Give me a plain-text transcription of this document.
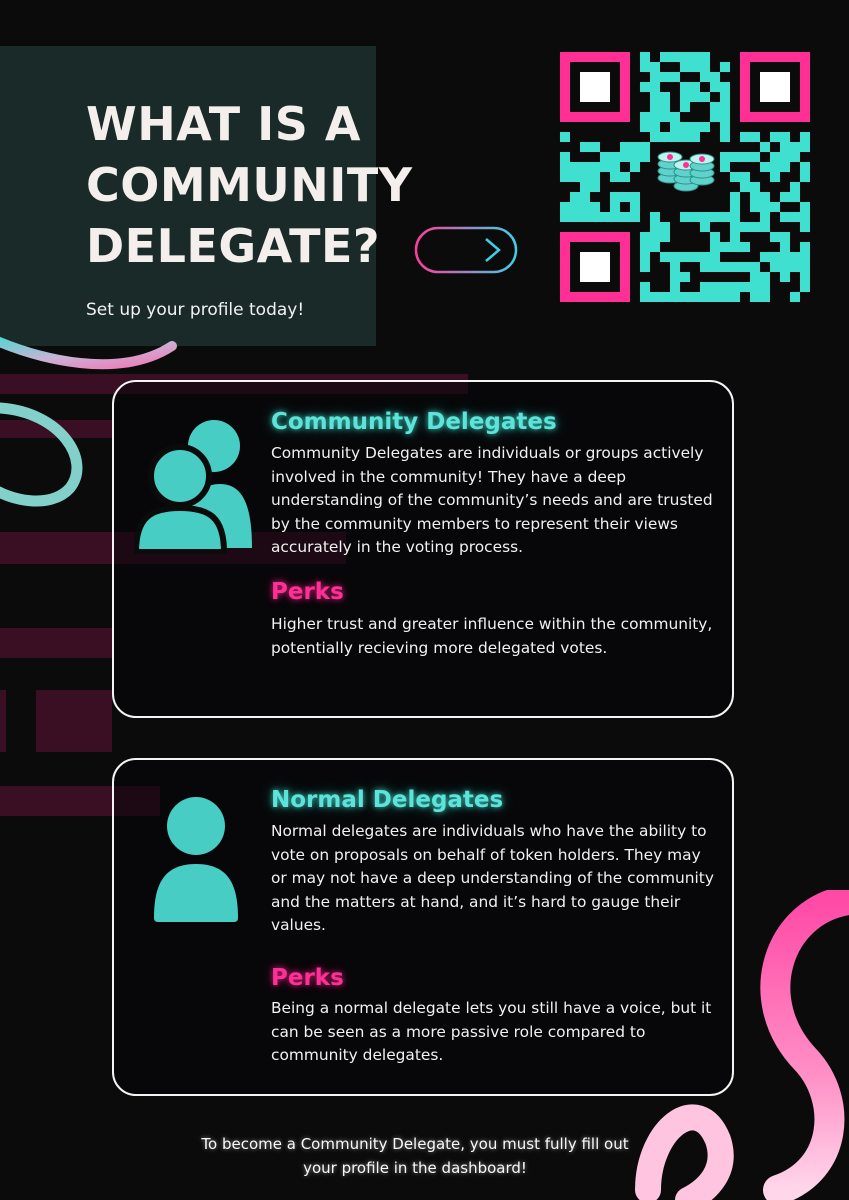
WHAT IS A
COMMUNITY
DELEGATE?

Set up your profile today!

Community Delegates

Community Delegates are individuals or groups actively involved in the community! They have a deep understanding of the community’s needs and are trusted by the community members to represent their views accurately in the voting process.

Perks

Higher trust and greater influence within the community, potentially recieving more delegated votes.

Normal Delegates

Normal delegates are individuals who have the ability to vote on proposals on behalf of token holders. They may or may not have a deep understanding of the community and the matters at hand, and it’s hard to gauge their values.

Perks

Being a normal delegate lets you still have a voice, but it can be seen as a more passive role compared to community delegates.

To become a Community Delegate, you must fully fill out your profile in the dashboard!
